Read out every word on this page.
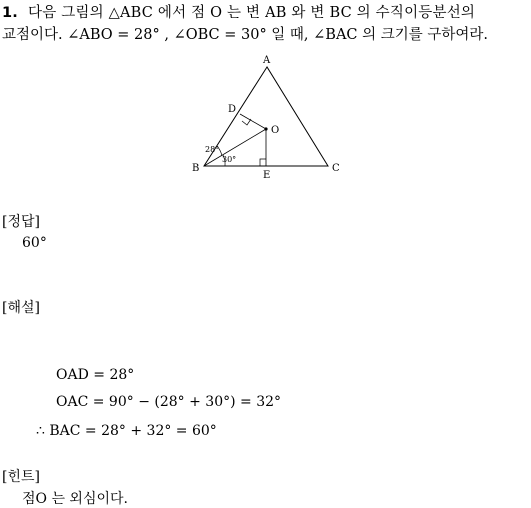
1. 다음 그림의 △ABC 에서 점 O 는 변 AB 와 변 BC 의 수직이등분선의
교점이다. ∠ABO = 28° , ∠OBC = 30° 일 때, ∠BAC 의 크기를 구하여라.
A
B	C
D
E
O
28°
30°
[정답]
60°
[해설]
OAD = 28°
OAC = 90° − (28° + 30°) = 32°
∴ BAC = 28° + 32° = 60°
[힌트]
점O 는 외심이다.
